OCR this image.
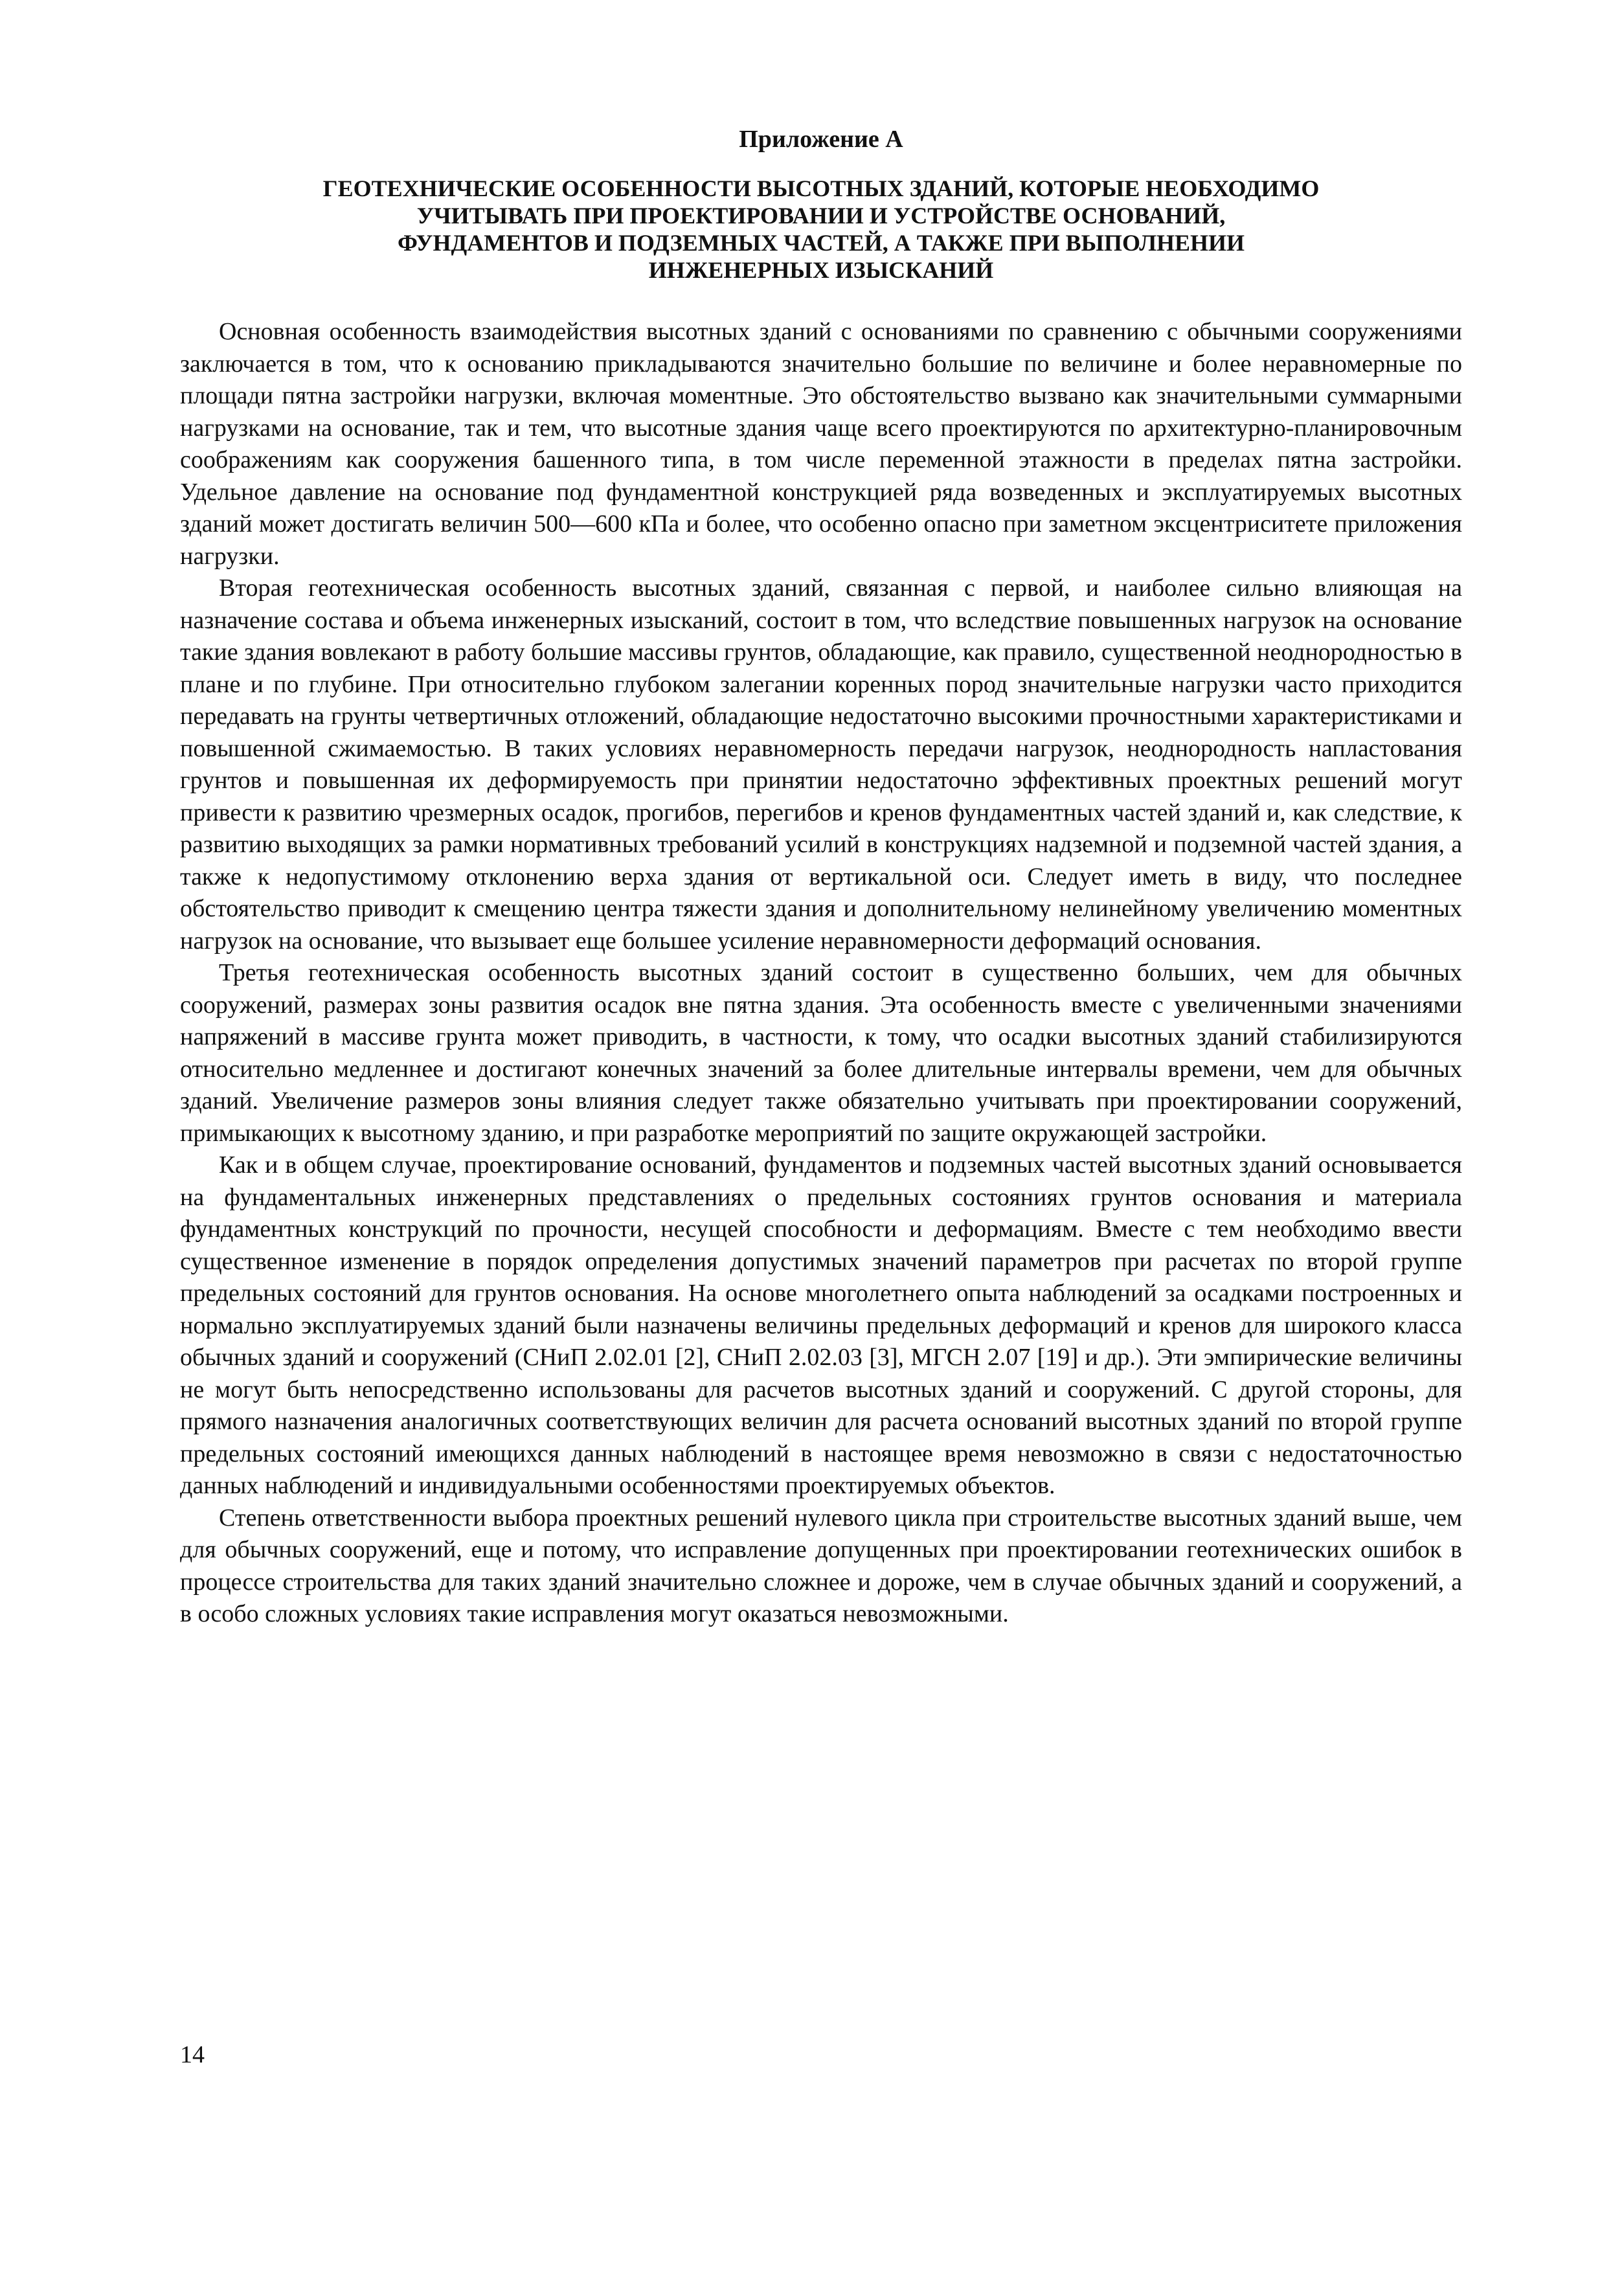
Приложение А

ГЕОТЕХНИЧЕСКИЕ ОСОБЕННОСТИ ВЫСОТНЫХ ЗДАНИЙ, КОТОРЫЕ НЕОБХОДИМО
УЧИТЫВАТЬ ПРИ ПРОЕКТИРОВАНИИ И УСТРОЙСТВЕ ОСНОВАНИЙ,
ФУНДАМЕНТОВ И ПОДЗЕМНЫХ ЧАСТЕЙ, А ТАКЖЕ ПРИ ВЫПОЛНЕНИИ
ИНЖЕНЕРНЫХ ИЗЫСКАНИЙ

Основная особенность взаимодействия высотных зданий с основаниями по сравнению с обычными сооружениями заключается в том, что к основанию прикладываются значительно большие по величине и более неравномерные по площади пятна застройки нагрузки, включая моментные. Это обстоятельство вызвано как значительными суммарными нагрузками на основание, так и тем, что высотные здания чаще всего проектируются по архитектурно-планировочным соображениям как сооружения башенного типа, в том числе переменной этажности в пределах пятна застройки. Удельное давление на основание под фундаментной конструкцией ряда возведенных и эксплуатируемых высотных зданий может достигать величин 500—600 кПа и более, что особенно опасно при заметном эксцентриситете приложения нагрузки.

Вторая геотехническая особенность высотных зданий, связанная с первой, и наиболее сильно влияющая на назначение состава и объема инженерных изысканий, состоит в том, что вследствие повышенных нагрузок на основание такие здания вовлекают в работу большие массивы грунтов, обладающие, как правило, существенной неоднородностью в плане и по глубине. При относительно глубоком залегании коренных пород значительные нагрузки часто приходится передавать на грунты четвертичных отложений, обладающие недостаточно высокими прочностными характеристиками и повышенной сжимаемостью. В таких условиях неравномерность передачи нагрузок, неоднородность напластования грунтов и повышенная их деформируемость при принятии недостаточно эффективных проектных решений могут привести к развитию чрезмерных осадок, прогибов, перегибов и кренов фундаментных частей зданий и, как следствие, к развитию выходящих за рамки нормативных требований усилий в конструкциях надземной и подземной частей здания, а также к недопустимому отклонению верха здания от вертикальной оси. Следует иметь в виду, что последнее обстоятельство приводит к смещению центра тяжести здания и дополнительному нелинейному увеличению моментных нагрузок на основание, что вызывает еще большее усиление неравномерности деформаций основания.

Третья геотехническая особенность высотных зданий состоит в существенно больших, чем для обычных сооружений, размерах зоны развития осадок вне пятна здания. Эта особенность вместе с увеличенными значениями напряжений в массиве грунта может приводить, в частности, к тому, что осадки высотных зданий стабилизируются относительно медленнее и достигают конечных значений за более длительные интервалы времени, чем для обычных зданий. Увеличение размеров зоны влияния следует также обязательно учитывать при проектировании сооружений, примыкающих к высотному зданию, и при разработке мероприятий по защите окружающей застройки.

Как и в общем случае, проектирование оснований, фундаментов и подземных частей высотных зданий основывается на фундаментальных инженерных представлениях о предельных состояниях грунтов основания и материала фундаментных конструкций по прочности, несущей способности и деформациям. Вместе с тем необходимо ввести существенное изменение в порядок определения допустимых значений параметров при расчетах по второй группе предельных состояний для грунтов основания. На основе многолетнего опыта наблюдений за осадками построенных и нормально эксплуатируемых зданий были назначены величины предельных деформаций и кренов для широкого класса обычных зданий и сооружений (СНиП 2.02.01 [2], СНиП 2.02.03 [3], МГСН 2.07 [19] и др.). Эти эмпирические величины не могут быть непосредственно использованы для расчетов высотных зданий и сооружений. С другой стороны, для прямого назначения аналогичных соответствующих величин для расчета оснований высотных зданий по второй группе предельных состояний имеющихся данных наблюдений в настоящее время невозможно в связи с недостаточностью данных наблюдений и индивидуальными особенностями проектируемых объектов.

Степень ответственности выбора проектных решений нулевого цикла при строительстве высотных зданий выше, чем для обычных сооружений, еще и потому, что исправление допущенных при проектировании геотехнических ошибок в процессе строительства для таких зданий значительно сложнее и дороже, чем в случае обычных зданий и сооружений, а в особо сложных условиях такие исправления могут оказаться невозможными.

14
